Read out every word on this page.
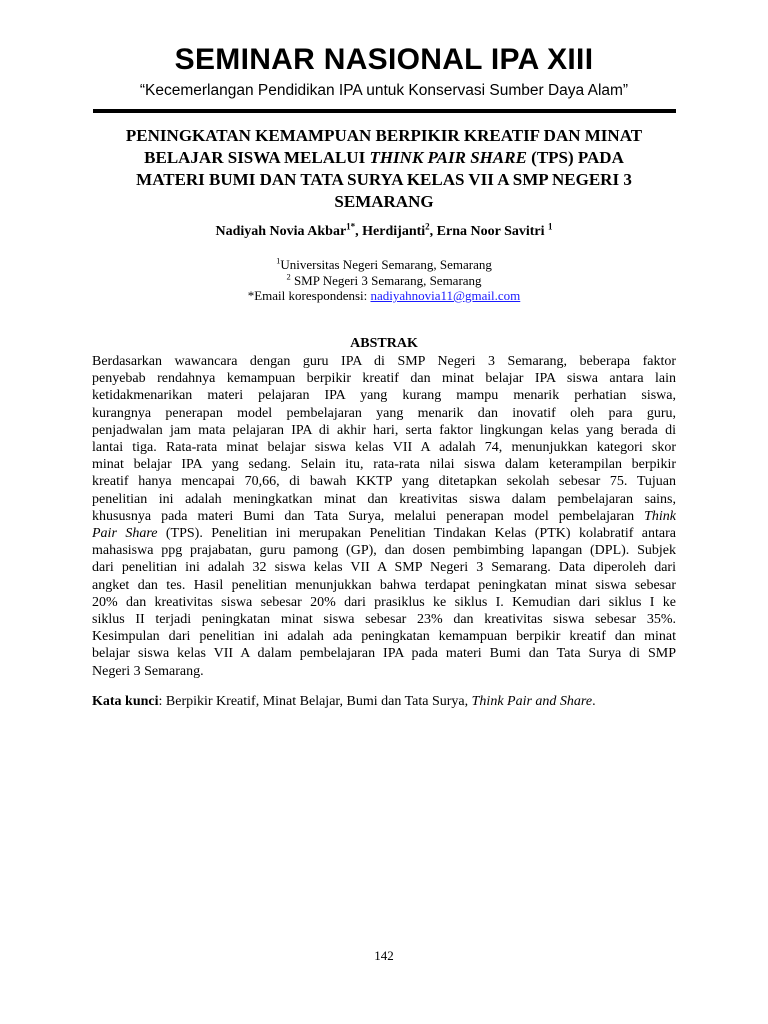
SEMINAR NASIONAL IPA XIII
“Kecemerlangan Pendidikan IPA untuk Konservasi Sumber Daya Alam”
PENINGKATAN KEMAMPUAN BERPIKIR KREATIF DAN MINAT
BELAJAR SISWA MELALUI THINK PAIR SHARE (TPS) PADA
MATERI BUMI DAN TATA SURYA KELAS VII A SMP NEGERI 3
SEMARANG
Nadiyah Novia Akbar$^{1*}$, Herdijanti$^2$, Erna Noor Savitri $^1$
$^1$Universitas Negeri Semarang, Semarang
$^2$ SMP Negeri 3 Semarang, Semarang
*Email korespondensi: nadiyahnovia11@gmail.com
ABSTRAK
Berdasarkan wawancara dengan guru IPA di SMP Negeri 3 Semarang, beberapa faktor
penyebab rendahnya kemampuan berpikir kreatif dan minat belajar IPA siswa antara lain
ketidakmenarikan materi pelajaran IPA yang kurang mampu menarik perhatian siswa,
kurangnya penerapan model pembelajaran yang menarik dan inovatif oleh para guru,
penjadwalan jam mata pelajaran IPA di akhir hari, serta faktor lingkungan kelas yang berada di
lantai tiga. Rata-rata minat belajar siswa kelas VII A adalah 74, menunjukkan kategori skor
minat belajar IPA yang sedang. Selain itu, rata-rata nilai siswa dalam keterampilan berpikir
kreatif hanya mencapai 70,66, di bawah KKTP yang ditetapkan sekolah sebesar 75. Tujuan
penelitian ini adalah meningkatkan minat dan kreativitas siswa dalam pembelajaran sains,
khususnya pada materi Bumi dan Tata Surya, melalui penerapan model pembelajaran Think
Pair Share (TPS). Penelitian ini merupakan Penelitian Tindakan Kelas (PTK) kolabratif antara
mahasiswa ppg prajabatan, guru pamong (GP), dan dosen pembimbing lapangan (DPL). Subjek
dari penelitian ini adalah 32 siswa kelas VII A SMP Negeri 3 Semarang. Data diperoleh dari
angket dan tes. Hasil penelitian menunjukkan bahwa terdapat peningkatan minat siswa sebesar
20% dan kreativitas siswa sebesar 20% dari prasiklus ke siklus I. Kemudian dari siklus I ke
siklus II terjadi peningkatan minat siswa sebesar 23% dan kreativitas siswa sebesar 35%.
Kesimpulan dari penelitian ini adalah ada peningkatan kemampuan berpikir kreatif dan minat
belajar siswa kelas VII A dalam pembelajaran IPA pada materi Bumi dan Tata Surya di SMP
Negeri 3 Semarang.
Kata kunci: Berpikir Kreatif, Minat Belajar, Bumi dan Tata Surya, Think Pair and Share.
142
